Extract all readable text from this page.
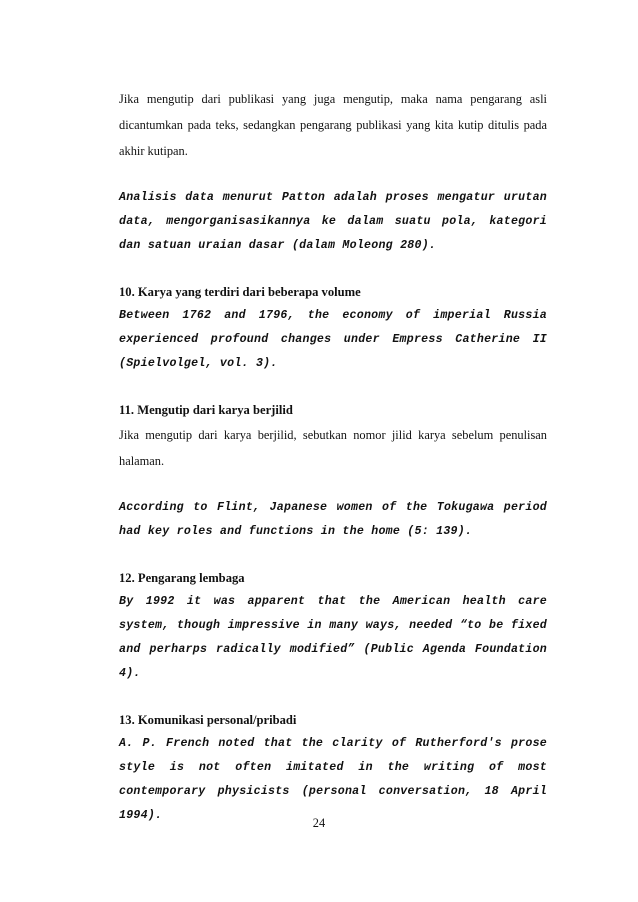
Jika mengutip dari publikasi yang juga mengutip, maka nama pengarang asli dicantumkan pada teks, sedangkan pengarang publikasi yang kita kutip ditulis pada akhir kutipan.

Analisis data menurut Patton adalah proses mengatur urutan data, mengorganisasikannya ke dalam suatu pola, kategori dan satuan uraian dasar (dalam Moleong 280).

10. Karya yang terdiri dari beberapa volume

Between 1762 and 1796, the economy of imperial Russia experienced profound changes under Empress Catherine II (Spielvolgel, vol. 3).

11. Mengutip dari karya berjilid

Jika mengutip dari karya berjilid, sebutkan nomor jilid karya sebelum penulisan halaman.

According to Flint, Japanese women of the Tokugawa period had key roles and functions in the home (5: 139).

12. Pengarang lembaga

By 1992 it was apparent that the American health care system, though impressive in many ways, needed “to be fixed and perharps radically modified” (Public Agenda Foundation 4).

13. Komunikasi personal/pribadi

A. P. French noted that the clarity of Rutherford's prose style is not often imitated in the writing of most contemporary physicists (personal conversation, 18 April 1994).

24
